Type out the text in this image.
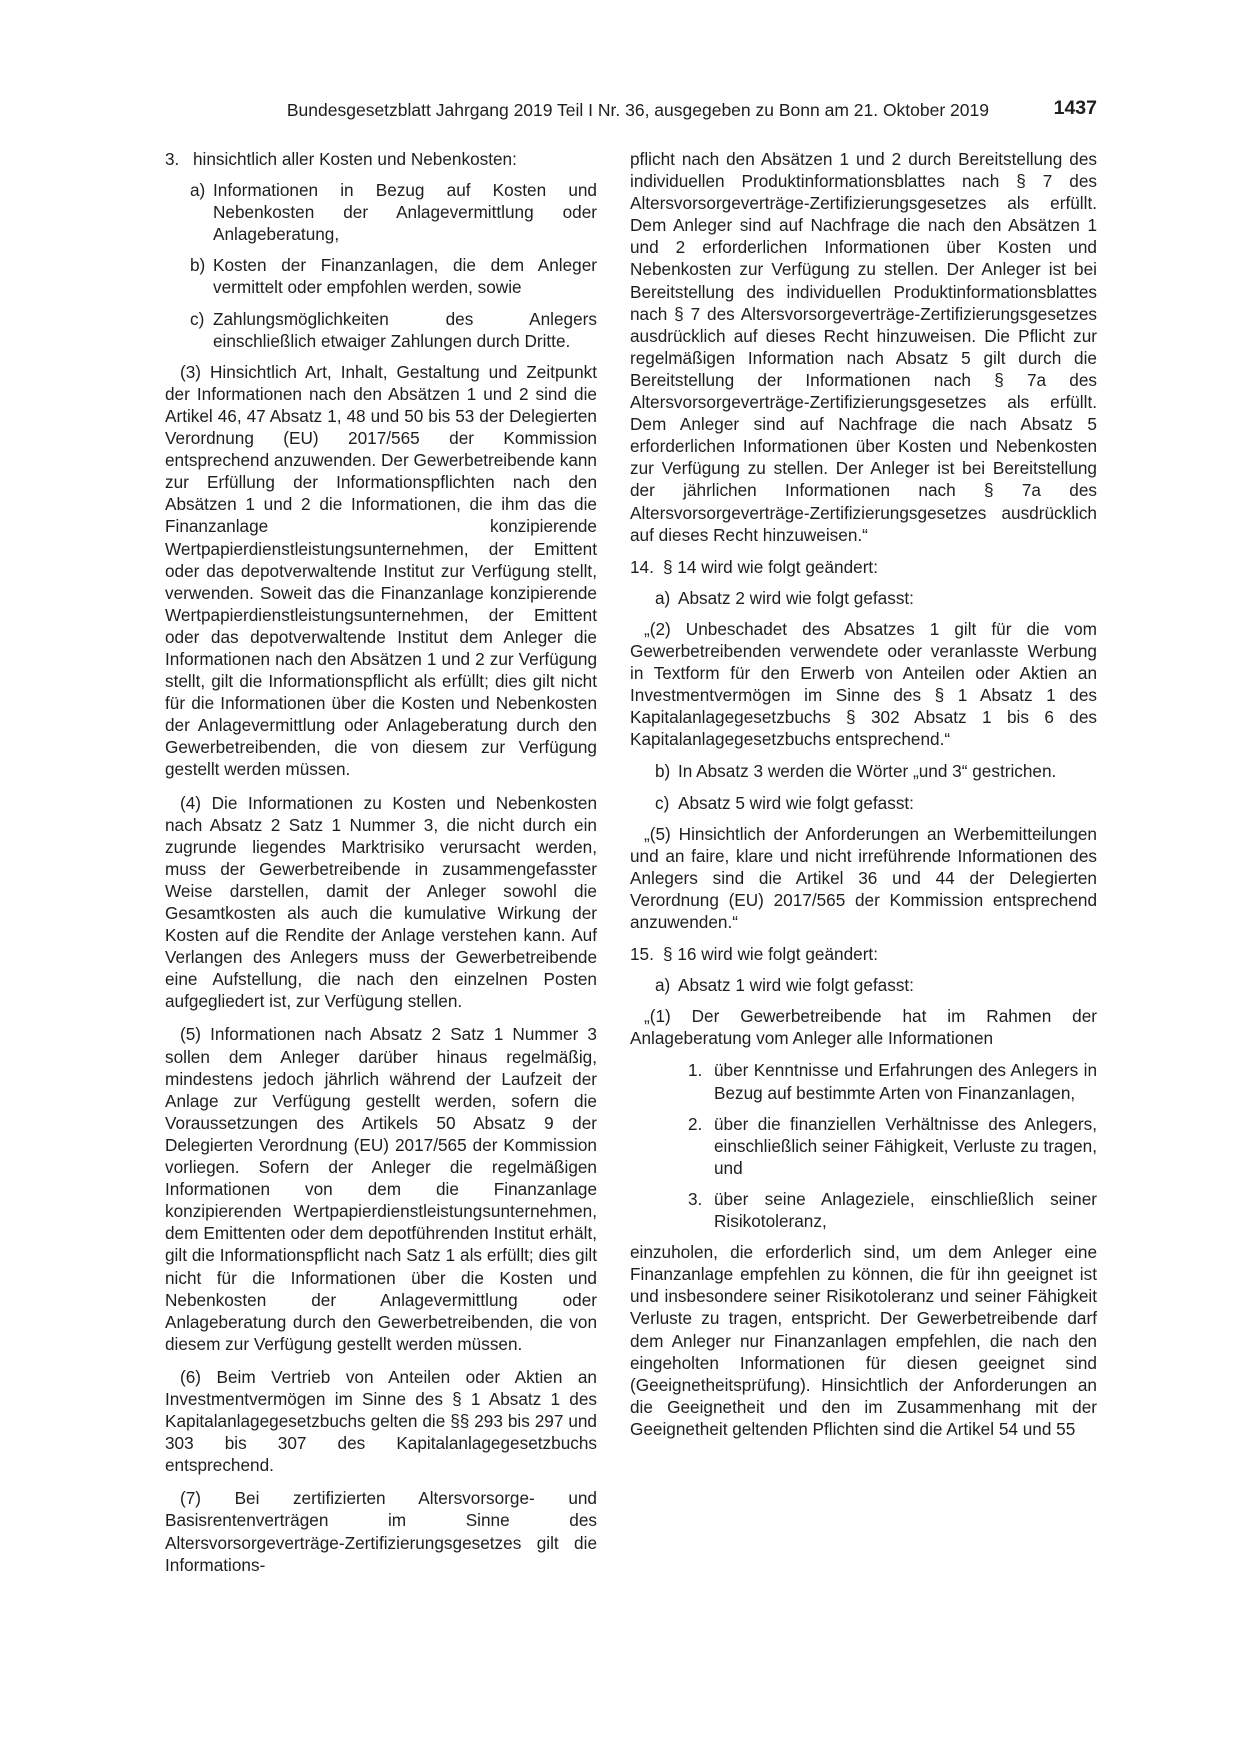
Bundesgesetzblatt Jahrgang 2019 Teil I Nr. 36, ausgegeben zu Bonn am 21. Oktober 2019	1437
3. hinsichtlich aller Kosten und Nebenkosten:
a) Informationen in Bezug auf Kosten und Nebenkosten der Anlagevermittlung oder Anlageberatung,
b) Kosten der Finanzanlagen, die dem Anleger vermittelt oder empfohlen werden, sowie
c) Zahlungsmöglichkeiten des Anlegers einschließlich etwaiger Zahlungen durch Dritte.

(3) Hinsichtlich Art, Inhalt, Gestaltung und Zeitpunkt der Informationen nach den Absätzen 1 und 2 sind die Artikel 46, 47 Absatz 1, 48 und 50 bis 53 der Delegierten Verordnung (EU) 2017/565 der Kommission entsprechend anzuwenden. Der Gewerbetreibende kann zur Erfüllung der Informationspflichten nach den Absätzen 1 und 2 die Informationen, die ihm das die Finanzanlage konzipierende Wertpapierdienstleistungsunternehmen, der Emittent oder das depotverwaltende Institut zur Verfügung stellt, verwenden. Soweit das die Finanzanlage konzipierende Wertpapierdienstleistungsunternehmen, der Emittent oder das depotverwaltende Institut dem Anleger die Informationen nach den Absätzen 1 und 2 zur Verfügung stellt, gilt die Informationspflicht als erfüllt; dies gilt nicht für die Informationen über die Kosten und Nebenkosten der Anlagevermittlung oder Anlageberatung durch den Gewerbetreibenden, die von diesem zur Verfügung gestellt werden müssen.

(4) Die Informationen zu Kosten und Nebenkosten nach Absatz 2 Satz 1 Nummer 3, die nicht durch ein zugrunde liegendes Marktrisiko verursacht werden, muss der Gewerbetreibende in zusammengefasster Weise darstellen, damit der Anleger sowohl die Gesamtkosten als auch die kumulative Wirkung der Kosten auf die Rendite der Anlage verstehen kann. Auf Verlangen des Anlegers muss der Gewerbetreibende eine Aufstellung, die nach den einzelnen Posten aufgegliedert ist, zur Verfügung stellen.

(5) Informationen nach Absatz 2 Satz 1 Nummer 3 sollen dem Anleger darüber hinaus regelmäßig, mindestens jedoch jährlich während der Laufzeit der Anlage zur Verfügung gestellt werden, sofern die Voraussetzungen des Artikels 50 Absatz 9 der Delegierten Verordnung (EU) 2017/565 der Kommission vorliegen. Sofern der Anleger die regelmäßigen Informationen von dem die Finanzanlage konzipierenden Wertpapierdienstleistungsunternehmen, dem Emittenten oder dem depotführenden Institut erhält, gilt die Informationspflicht nach Satz 1 als erfüllt; dies gilt nicht für die Informationen über die Kosten und Nebenkosten der Anlagevermittlung oder Anlageberatung durch den Gewerbetreibenden, die von diesem zur Verfügung gestellt werden müssen.

(6) Beim Vertrieb von Anteilen oder Aktien an Investmentvermögen im Sinne des § 1 Absatz 1 des Kapitalanlagegesetzbuchs gelten die §§ 293 bis 297 und 303 bis 307 des Kapitalanlagegesetzbuchs entsprechend.

(7) Bei zertifizierten Altersvorsorge- und Basisrentenverträgen im Sinne des Altersvorsorgeverträge-Zertifizierungsgesetzes gilt die Informations-

pflicht nach den Absätzen 1 und 2 durch Bereitstellung des individuellen Produktinformationsblattes nach § 7 des Altersvorsorgeverträge-Zertifizierungsgesetzes als erfüllt. Dem Anleger sind auf Nachfrage die nach den Absätzen 1 und 2 erforderlichen Informationen über Kosten und Nebenkosten zur Verfügung zu stellen. Der Anleger ist bei Bereitstellung des individuellen Produktinformationsblattes nach § 7 des Altersvorsorgeverträge-Zertifizierungsgesetzes ausdrücklich auf dieses Recht hinzuweisen. Die Pflicht zur regelmäßigen Information nach Absatz 5 gilt durch die Bereitstellung der Informationen nach § 7a des Altersvorsorgeverträge-Zertifizierungsgesetzes als erfüllt. Dem Anleger sind auf Nachfrage die nach Absatz 5 erforderlichen Informationen über Kosten und Nebenkosten zur Verfügung zu stellen. Der Anleger ist bei Bereitstellung der jährlichen Informationen nach § 7a des Altersvorsorgeverträge-Zertifizierungsgesetzes ausdrücklich auf dieses Recht hinzuweisen.“

14. § 14 wird wie folgt geändert:
a) Absatz 2 wird wie folgt gefasst:

„(2) Unbeschadet des Absatzes 1 gilt für die vom Gewerbetreibenden verwendete oder veranlasste Werbung in Textform für den Erwerb von Anteilen oder Aktien an Investmentvermögen im Sinne des § 1 Absatz 1 des Kapitalanlagegesetzbuchs § 302 Absatz 1 bis 6 des Kapitalanlagegesetzbuchs entsprechend.“

b) In Absatz 3 werden die Wörter „und 3“ gestrichen.
c) Absatz 5 wird wie folgt gefasst:

„(5) Hinsichtlich der Anforderungen an Werbemitteilungen und an faire, klare und nicht irreführende Informationen des Anlegers sind die Artikel 36 und 44 der Delegierten Verordnung (EU) 2017/565 der Kommission entsprechend anzuwenden.“

15. § 16 wird wie folgt geändert:
a) Absatz 1 wird wie folgt gefasst:

„(1) Der Gewerbetreibende hat im Rahmen der Anlageberatung vom Anleger alle Informationen

1. über Kenntnisse und Erfahrungen des Anlegers in Bezug auf bestimmte Arten von Finanzanlagen,
2. über die finanziellen Verhältnisse des Anlegers, einschließlich seiner Fähigkeit, Verluste zu tragen, und
3. über seine Anlageziele, einschließlich seiner Risikotoleranz,

einzuholen, die erforderlich sind, um dem Anleger eine Finanzanlage empfehlen zu können, die für ihn geeignet ist und insbesondere seiner Risikotoleranz und seiner Fähigkeit Verluste zu tragen, entspricht. Der Gewerbetreibende darf dem Anleger nur Finanzanlagen empfehlen, die nach den eingeholten Informationen für diesen geeignet sind (Geeignetheitsprüfung). Hinsichtlich der Anforderungen an die Geeignetheit und den im Zusammenhang mit der Geeignetheit geltenden Pflichten sind die Artikel 54 und 55
